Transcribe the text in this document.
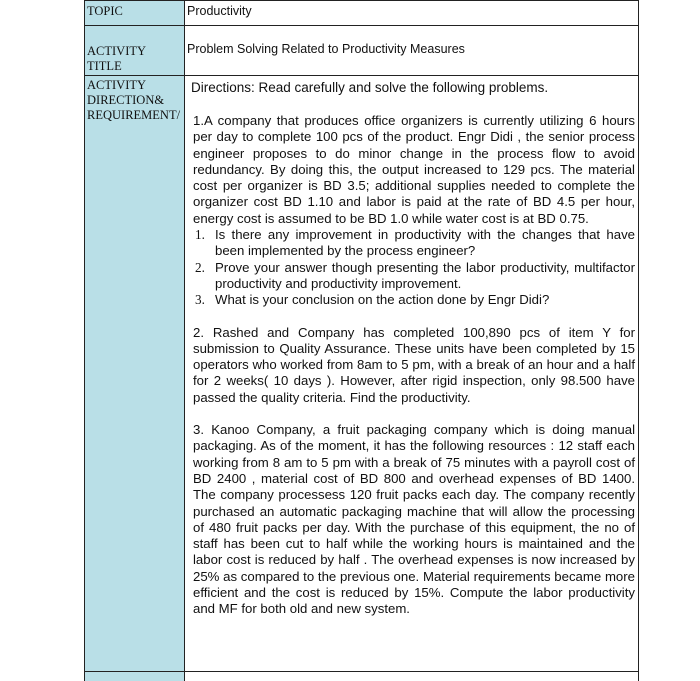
TOPIC	Productivity
ACTIVITY
TITLE
Problem Solving Related to Productivity Measures
ACTIVITY
DIRECTION&
REQUIREMENT/
Directions: Read carefully and solve the following problems.

1.A company that produces office organizers is currently utilizing 6 hours per day to complete 100 pcs of the product. Engr Didi , the senior process engineer proposes to do minor change in the process flow to avoid redundancy. By doing this, the output increased to 129 pcs. The material cost per organizer is BD 3.5; additional supplies needed to complete the organizer cost BD 1.10 and labor is paid at the rate of BD 4.5 per hour, energy cost is assumed to be BD 1.0 while water cost is at BD 0.75.

1. Is there any improvement in productivity with the changes that have been implemented by the process engineer?
2. Prove your answer though presenting the labor productivity, multifactor productivity and productivity improvement.
3. What is your conclusion on the action done by Engr Didi?

2. Rashed and Company has completed 100,890 pcs of item Y for submission to Quality Assurance. These units have been completed by 15 operators who worked from 8am to 5 pm, with a break of an hour and a half for 2 weeks( 10 days ). However, after rigid inspection, only 98.500 have passed the quality criteria. Find the productivity.

3. Kanoo Company, a fruit packaging company which is doing manual packaging. As of the moment, it has the following resources : 12 staff each working from 8 am to 5 pm with a break of 75 minutes with a payroll cost of BD 2400 , material cost of BD 800 and overhead expenses of BD 1400. The company processess 120 fruit packs each day. The company recently purchased an automatic packaging machine that will allow the processing of 480 fruit packs per day. With the purchase of this equipment, the no of staff has been cut to half while the working hours is maintained and the labor cost is reduced by half . The overhead expenses is now increased by 25% as compared to the previous one. Material requirements became more efficient and the cost is reduced by 15%. Compute the labor productivity and MF for both old and new system.
